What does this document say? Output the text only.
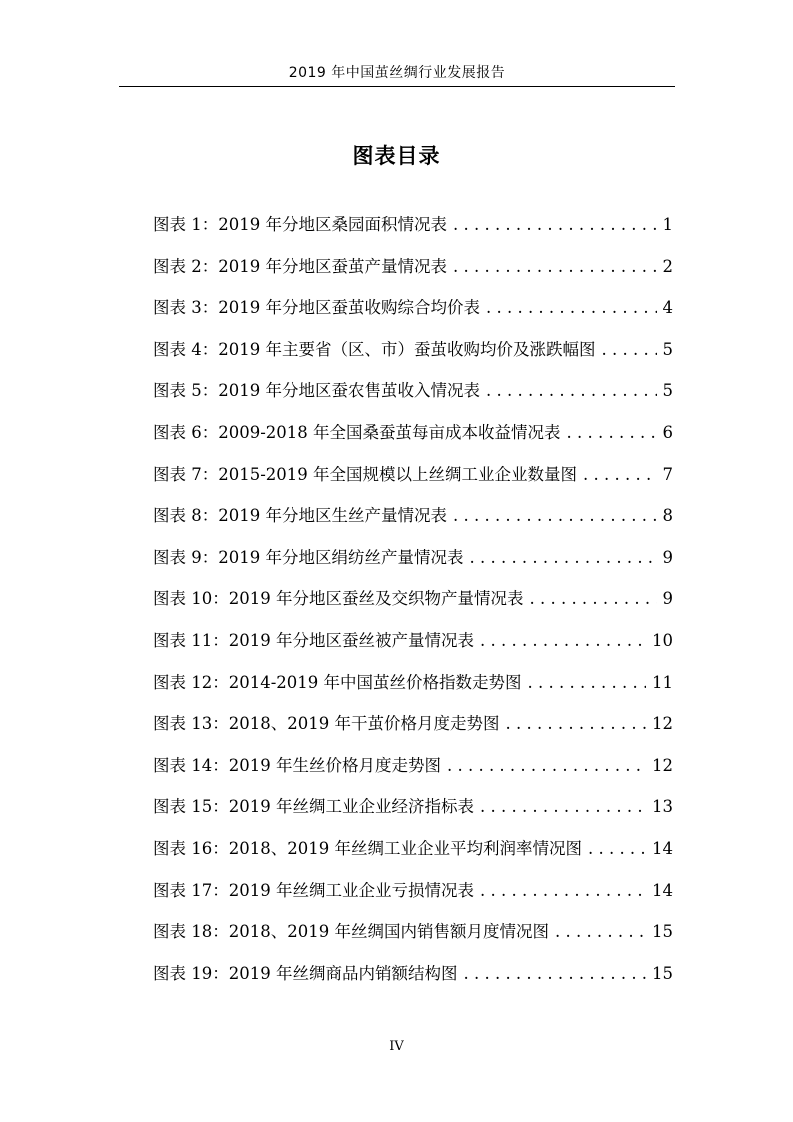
2019 年中国茧丝绸行业发展报告
图表目录
图表 1：2019 年分地区桑园面积情况表 . . .	1
图表 2：2019 年分地区蚕茧产量情况表 . . .	2
图表 3：2019 年分地区蚕茧收购综合均价表 . . .	4
图表 4：2019 年主要省（区、市）蚕茧收购均价及涨跌幅图 . . .	5
图表 5：2019 年分地区蚕农售茧收入情况表 . . .	5
图表 6：2009-2018 年全国桑蚕茧每亩成本收益情况表 . . .	6
图表 7：2015-2019 年全国规模以上丝绸工业企业数量图 . . .	7
图表 8：2019 年分地区生丝产量情况表 . . .	8
图表 9：2019 年分地区绢纺丝产量情况表 . . .	9
图表 10：2019 年分地区蚕丝及交织物产量情况表 . . .	9
图表 11：2019 年分地区蚕丝被产量情况表 . . .	10
图表 12：2014-2019 年中国茧丝价格指数走势图 . . .	11
图表 13：2018、2019 年干茧价格月度走势图 . . .	12
图表 14：2019 年生丝价格月度走势图 . . .	12
图表 15：2019 年丝绸工业企业经济指标表 . . .	13
图表 16：2018、2019 年丝绸工业企业平均利润率情况图 . . .	14
图表 17：2019 年丝绸工业企业亏损情况表 . . .	14
图表 18：2018、2019 年丝绸国内销售额月度情况图 . . .	15
图表 19：2019 年丝绸商品内销额结构图 . . .	15
IV
